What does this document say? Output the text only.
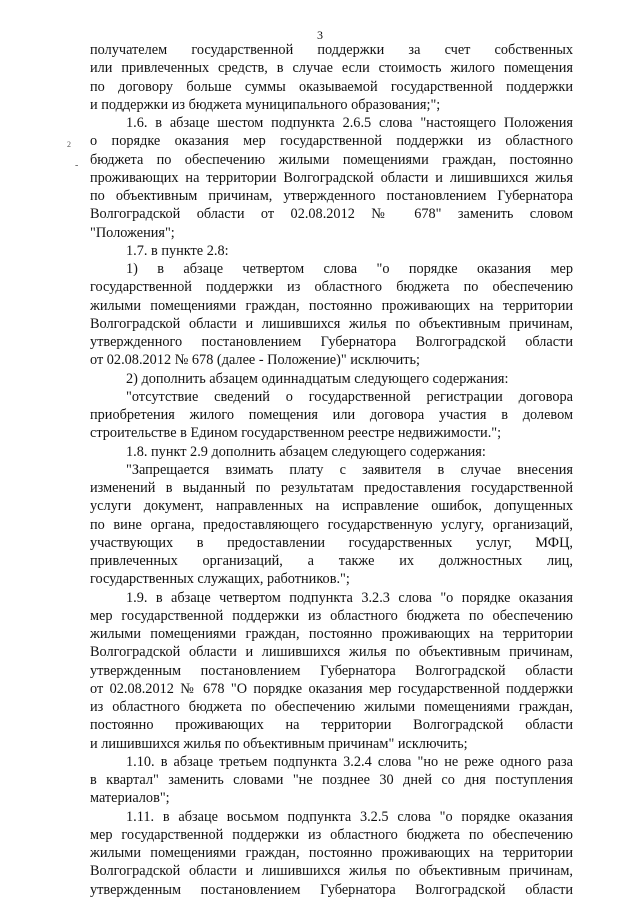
3
2
-
получателем государственной поддержки за счет собственных
или привлеченных средств, в случае если стоимость жилого помещения
по договору больше суммы оказываемой государственной поддержки
и поддержки из бюджета муниципального образования;";
1.6. в абзаце шестом подпункта 2.6.5 слова "настоящего Положения
о порядке оказания мер государственной поддержки из областного
бюджета по обеспечению жилыми помещениями граждан, постоянно
проживающих на территории Волгоградской области и лишившихся жилья
по объективным причинам, утвержденного постановлением Губернатора
Волгоградской области от 02.08.2012 № 678" заменить словом
"Положения";
1.7. в пункте 2.8:
1) в абзаце четвертом слова "о порядке оказания мер
государственной поддержки из областного бюджета по обеспечению
жилыми помещениями граждан, постоянно проживающих на территории
Волгоградской области и лишившихся жилья по объективным причинам,
утвержденного постановлением Губернатора Волгоградской области
от 02.08.2012 № 678 (далее - Положение)" исключить;
2) дополнить абзацем одиннадцатым следующего содержания:
"отсутствие сведений о государственной регистрации договора
приобретения жилого помещения или договора участия в долевом
строительстве в Едином государственном реестре недвижимости.";
1.8. пункт 2.9 дополнить абзацем следующего содержания:
"Запрещается взимать плату с заявителя в случае внесения
изменений в выданный по результатам предоставления государственной
услуги документ, направленных на исправление ошибок, допущенных
по вине органа, предоставляющего государственную услугу, организаций,
участвующих в предоставлении государственных услуг, МФЦ,
привлеченных организаций, а также их должностных лиц,
государственных служащих, работников.";
1.9. в абзаце четвертом подпункта 3.2.3 слова "о порядке оказания
мер государственной поддержки из областного бюджета по обеспечению
жилыми помещениями граждан, постоянно проживающих на территории
Волгоградской области и лишившихся жилья по объективным причинам,
утвержденным постановлением Губернатора Волгоградской области
от 02.08.2012 № 678 "О порядке оказания мер государственной поддержки
из областного бюджета по обеспечению жилыми помещениями граждан,
постоянно проживающих на территории Волгоградской области
и лишившихся жилья по объективным причинам" исключить;
1.10. в абзаце третьем подпункта 3.2.4 слова "но не реже одного раза
в квартал" заменить словами "не позднее 30 дней со дня поступления
материалов";
1.11. в абзаце восьмом подпункта 3.2.5 слова "о порядке оказания
мер государственной поддержки из областного бюджета по обеспечению
жилыми помещениями граждан, постоянно проживающих на территории
Волгоградской области и лишившихся жилья по объективным причинам,
утвержденным постановлением Губернатора Волгоградской области
